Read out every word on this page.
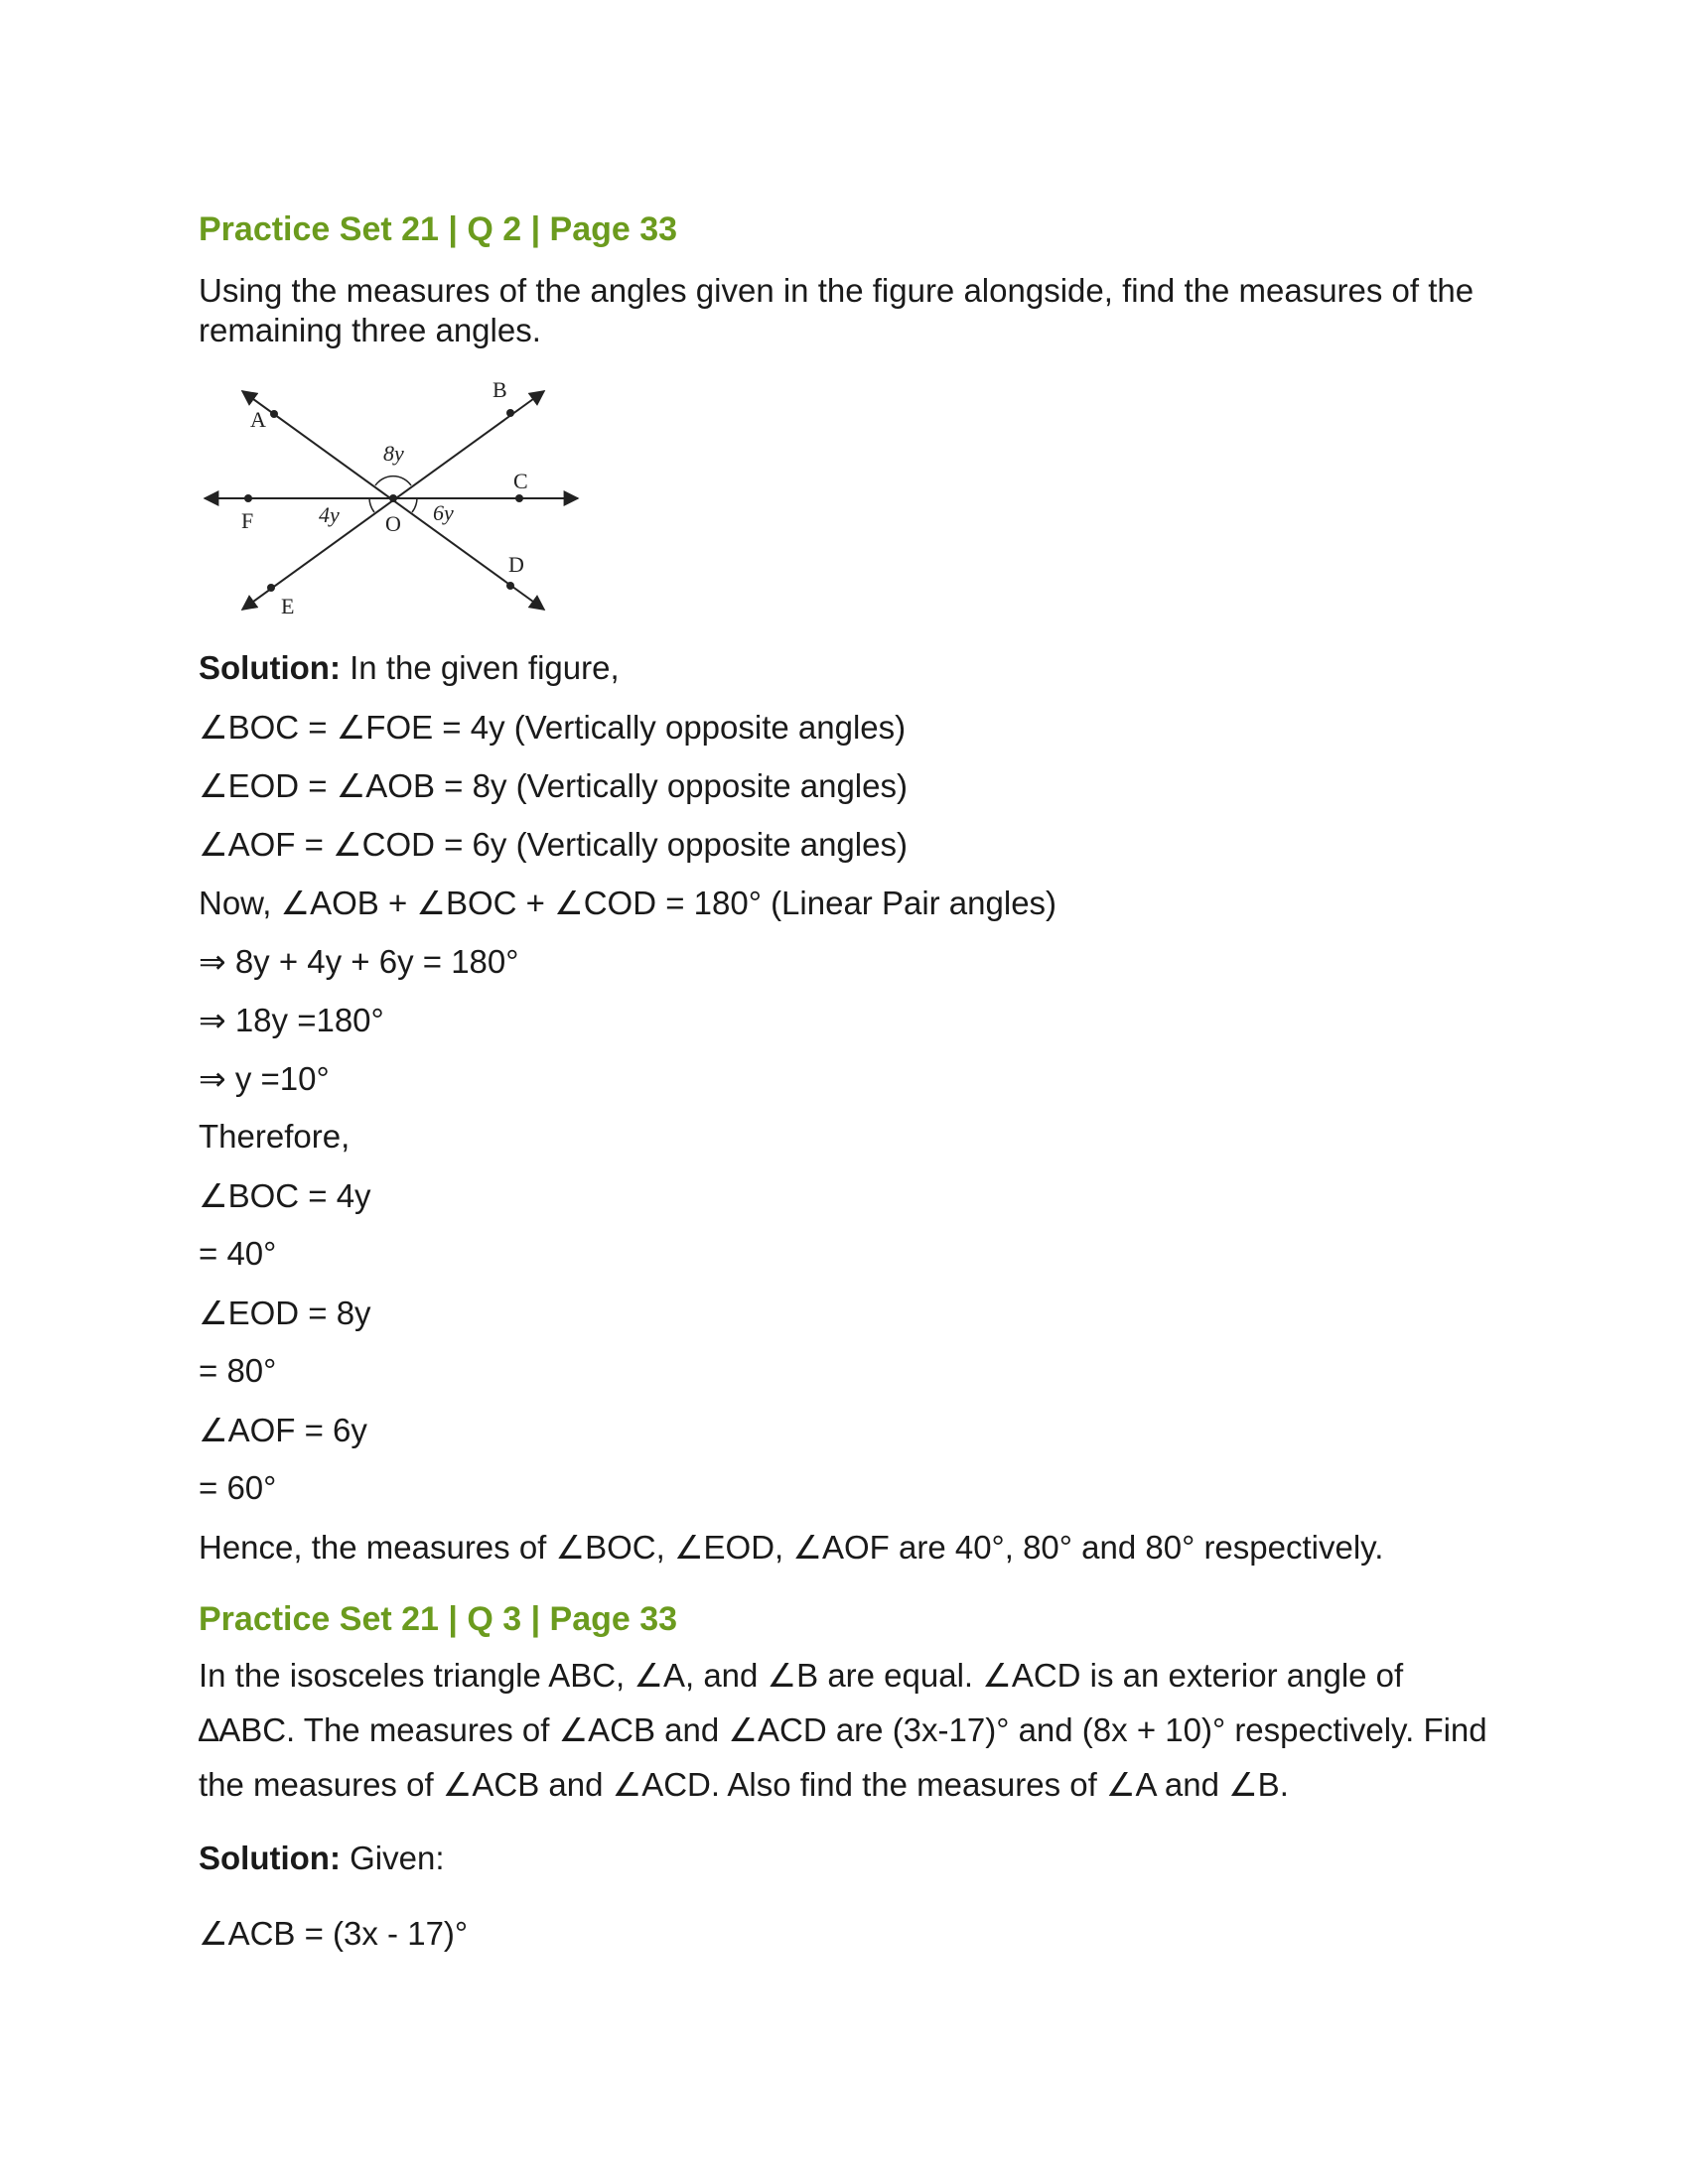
Practice Set 21 | Q 2 | Page 33
Using the measures of the angles given in the figure alongside, find the measures of the remaining three angles.
A
B
C
D
E
F	O
8y
4y	6y
Solution: In the given figure,
∠BOC = ∠FOE = 4y (Vertically opposite angles)
∠EOD = ∠AOB = 8y (Vertically opposite angles)
∠AOF = ∠COD = 6y (Vertically opposite angles)
Now, ∠AOB + ∠BOC + ∠COD = 180° (Linear Pair angles)
⇒ 8y + 4y + 6y = 180°
⇒ 18y =180°
⇒ y =10°
Therefore,
∠BOC = 4y
= 40°
∠EOD = 8y
= 80°
∠AOF = 6y
= 60°
Hence, the measures of ∠BOC, ∠EOD, ∠AOF are 40°, 80° and 80° respectively.
Practice Set 21 | Q 3 | Page 33
In the isosceles triangle ABC, ∠A, and ∠B are equal. ∠ACD is an exterior angle of
∆ABC. The measures of ∠ACB and ∠ACD are (3x-17)° and (8x + 10)° respectively. Find
the measures of ∠ACB and ∠ACD. Also find the measures of ∠A and ∠B.
Solution: Given:
∠ACB = (3x - 17)°
